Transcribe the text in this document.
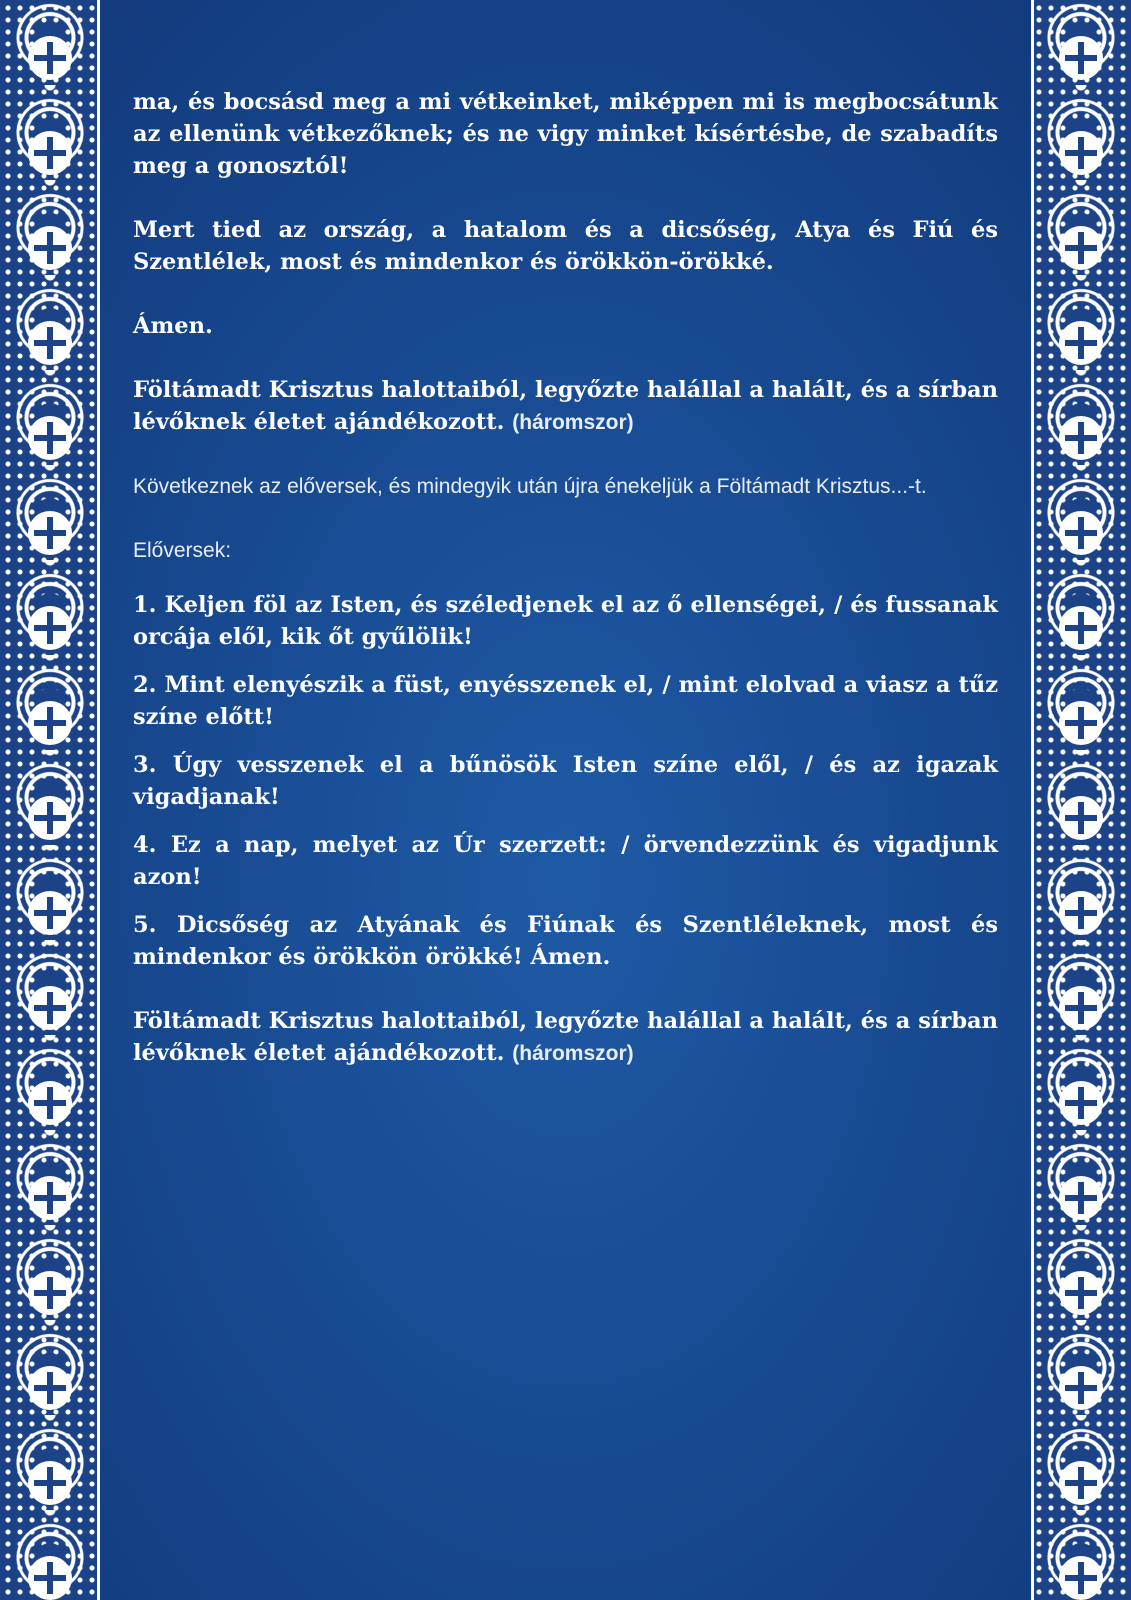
ma, és bocsásd meg a mi vétkeinket, miképpen mi is megbocsátunk az ellenünk vétkezőknek; és ne vigy minket kísértésbe, de szabadíts meg a gonosztól!

Mert tied az ország, a hatalom és a dicsőség, Atya és Fiú és Szentlélek, most és mindenkor és örökkön-örökké.

Ámen.

Föltámadt Krisztus halottaiból, legyőzte halállal a halált, és a sírban lévőknek életet ajándékozott. (háromszor)

Következnek az előversek, és mindegyik után újra énekeljük a Föltámadt Krisztus...-t.

Előversek:

1. Keljen föl az Isten, és széledjenek el az ő ellenségei, / és fussanak orcája elől, kik őt gyűlölik!

2. Mint elenyészik a füst, enyésszenek el, / mint elolvad a viasz a tűz színe előtt!

3. Úgy vesszenek el a bűnösök Isten színe elől, / és az igazak vigadjanak!

4. Ez a nap, melyet az Úr szerzett: / örvendezzünk és vigadjunk azon!

5. Dicsőség az Atyának és Fiúnak és Szentléleknek, most és mindenkor és örökkön örökké! Ámen.

Föltámadt Krisztus halottaiból, legyőzte halállal a halált, és a sírban lévőknek életet ajándékozott. (háromszor)
